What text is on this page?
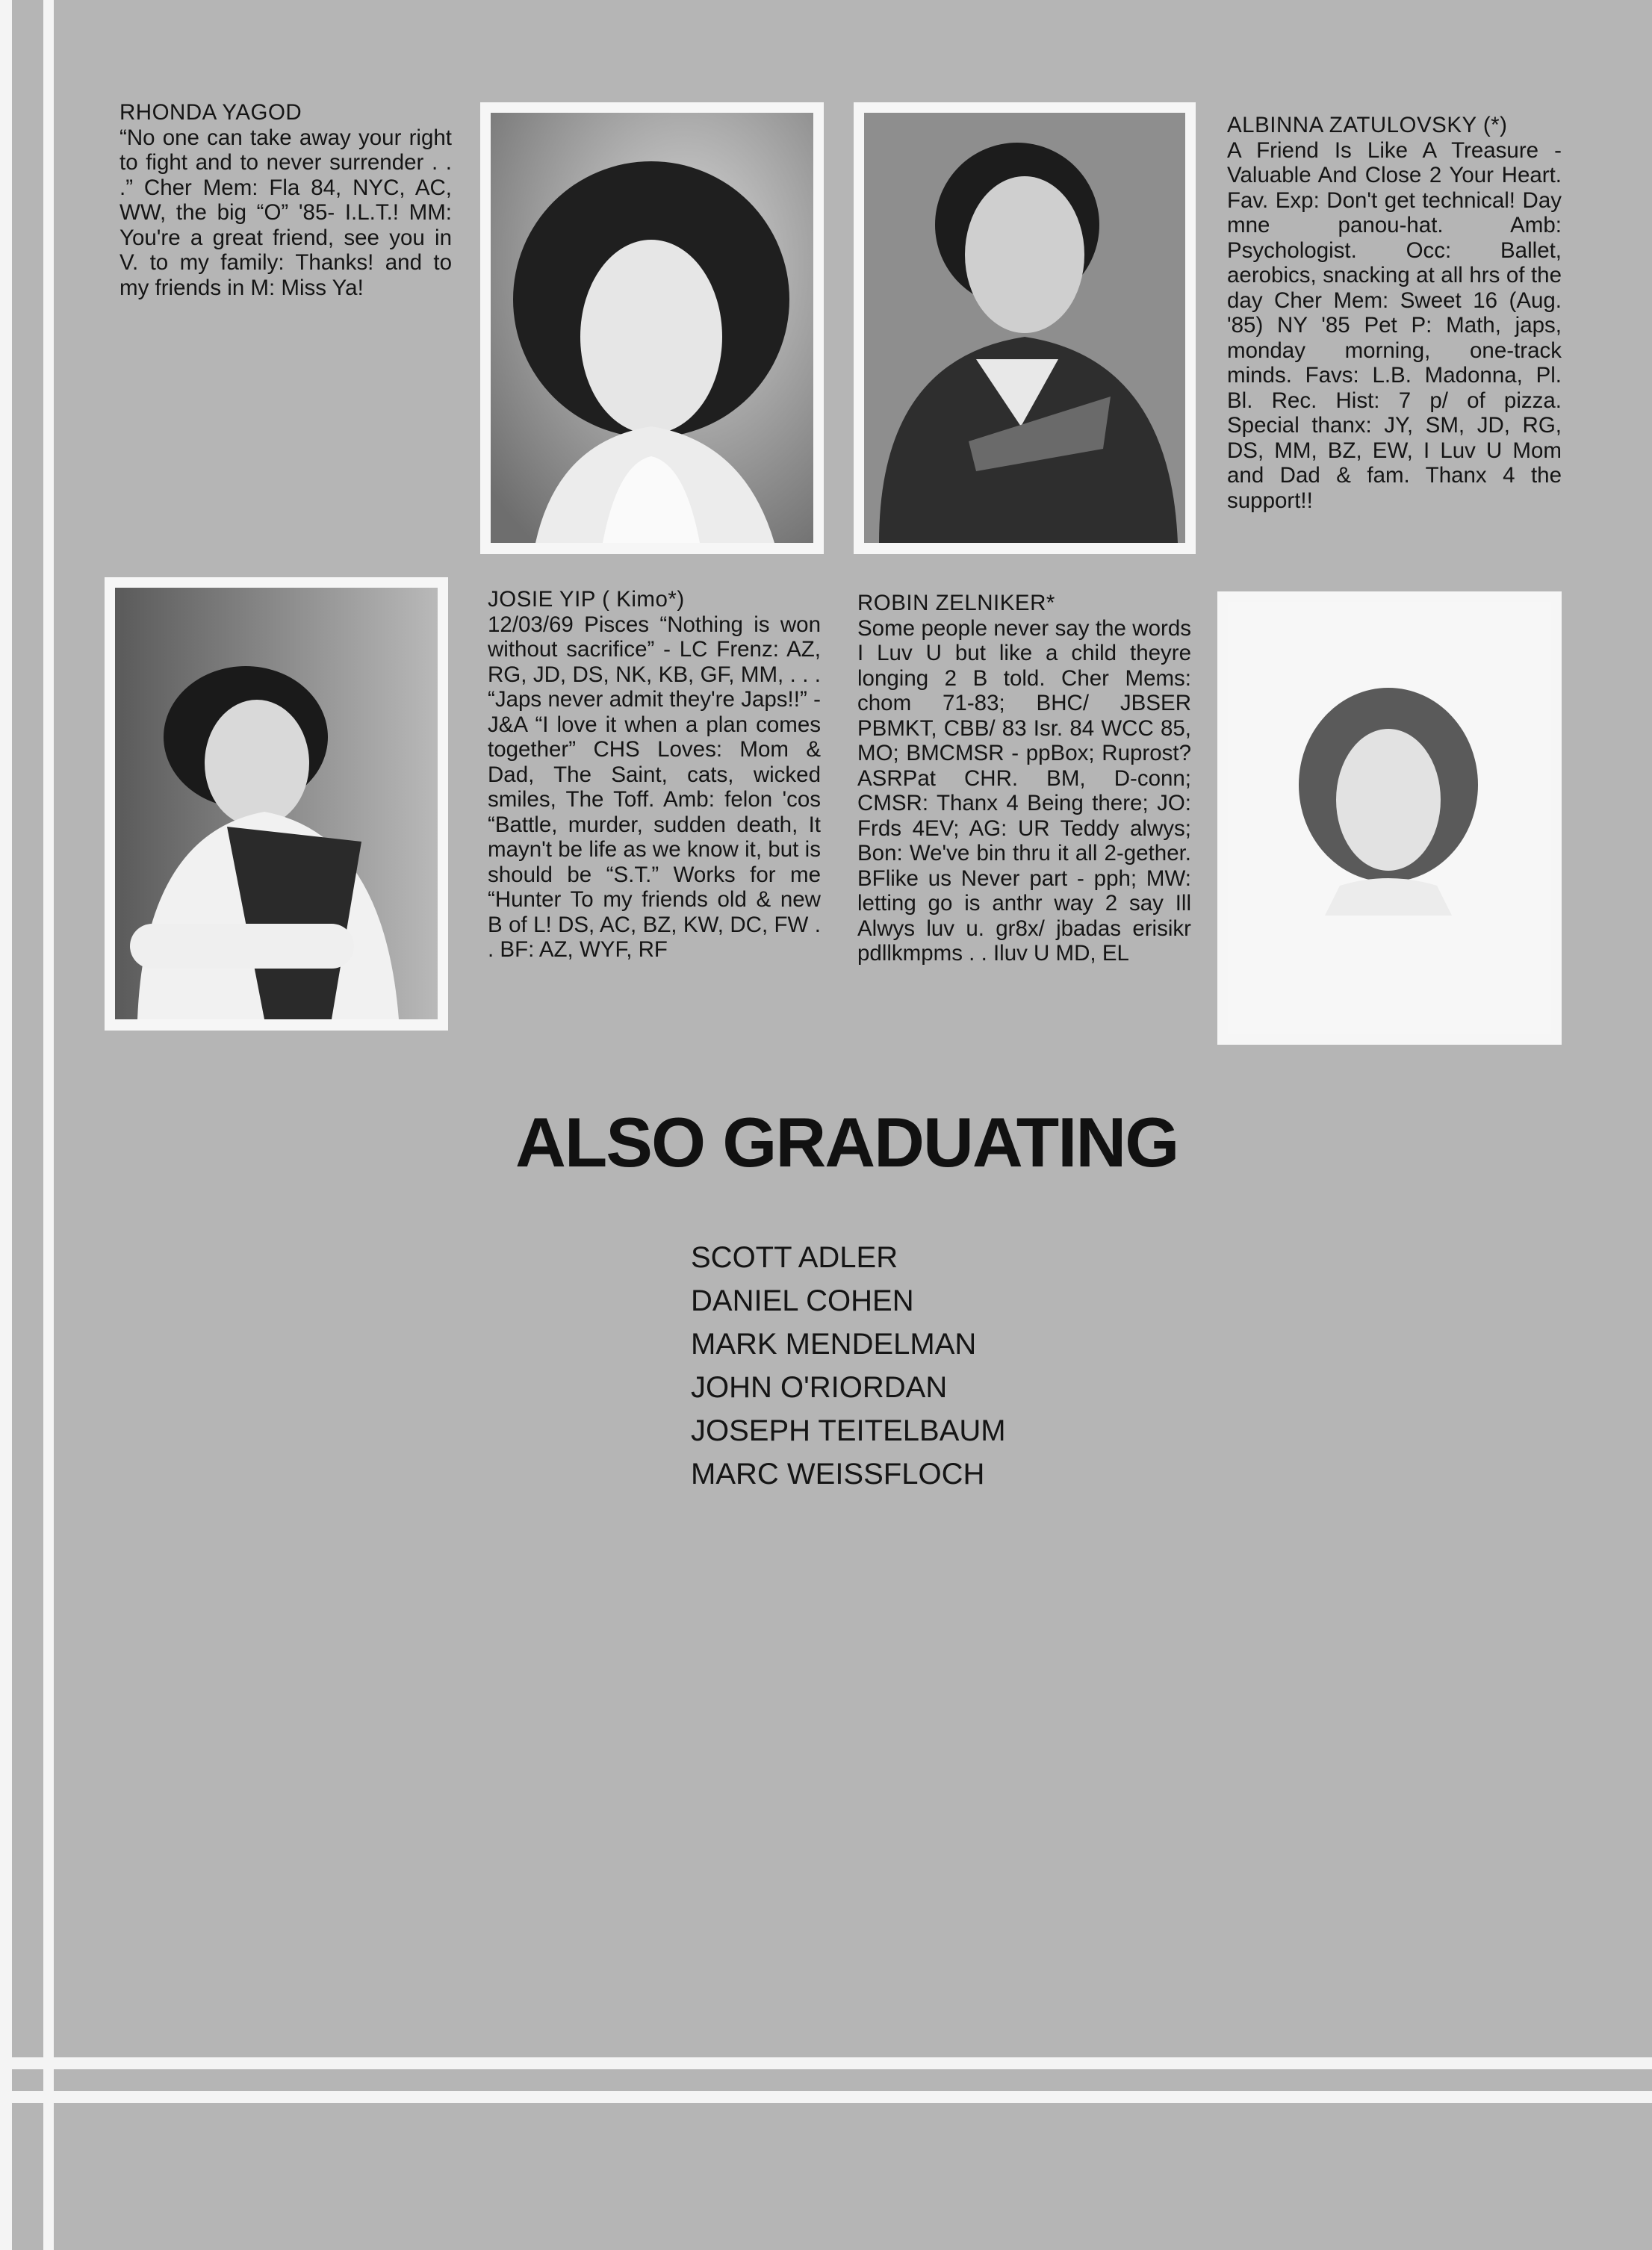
RHONDA YAGOD
“No one can take away your right to fight and to never surrender . . .” Cher Mem: Fla 84, NYC, AC, WW, the big “O” '85- I.L.T.! MM: You're a great friend, see you in V. to my family: Thanks! and to my friends in M: Miss Ya!
ALBINNA ZATULOVSKY (*)
A Friend Is Like A Treasure - Valuable And Close 2 Your Heart. Fav. Exp: Don't get technical! Day mne panou-hat. Amb: Psychologist. Occ: Ballet, aerobics, snacking at all hrs of the day Cher Mem: Sweet 16 (Aug. '85) NY '85 Pet P: Math, japs, monday morning, one-track minds. Favs: L.B. Madonna, Pl. Bl. Rec. Hist: 7 p/ of pizza. Special thanx: JY, SM, JD, RG, DS, MM, BZ, EW, I Luv U Mom and Dad & fam. Thanx 4 the support!!
JOSIE YIP ( Kimo*)
12/03/69 Pisces “Nothing is won without sacrifice” - LC Frenz: AZ, RG, JD, DS, NK, KB, GF, MM, . . . “Japs never admit they're Japs!!” - J&A “I love it when a plan comes together” CHS Loves: Mom & Dad, The Saint, cats, wicked smiles, The Toff. Amb: felon 'cos “Battle, murder, sudden death, It mayn't be life as we know it, but is should be “S.T.” Works for me “Hunter To my friends old & new B of L! DS, AC, BZ, KW, DC, FW . . BF: AZ, WYF, RF
ROBIN ZELNIKER*
Some people never say the words I Luv U but like a child theyre longing 2 B told. Cher Mems: chom 71-83; BHC/ JBSER PBMKT, CBB/ 83 Isr. 84 WCC 85, MO; BMCMSR - ppBox; Ruprost? ASRPat CHR. BM, D-conn; CMSR: Thanx 4 Being there; JO: Frds 4EV; AG: UR Teddy alwys; Bon: We've bin thru it all 2-gether. BFlike us Never part - pph; MW: letting go is anthr way 2 say Ill Alwys luv u. gr8x/ jbadas erisikr pdllkmpms . . Iluv U MD, EL
ALSO GRADUATING
SCOTT ADLER
DANIEL COHEN
MARK MENDELMAN
JOHN O'RIORDAN
JOSEPH TEITELBAUM
MARC WEISSFLOCH
